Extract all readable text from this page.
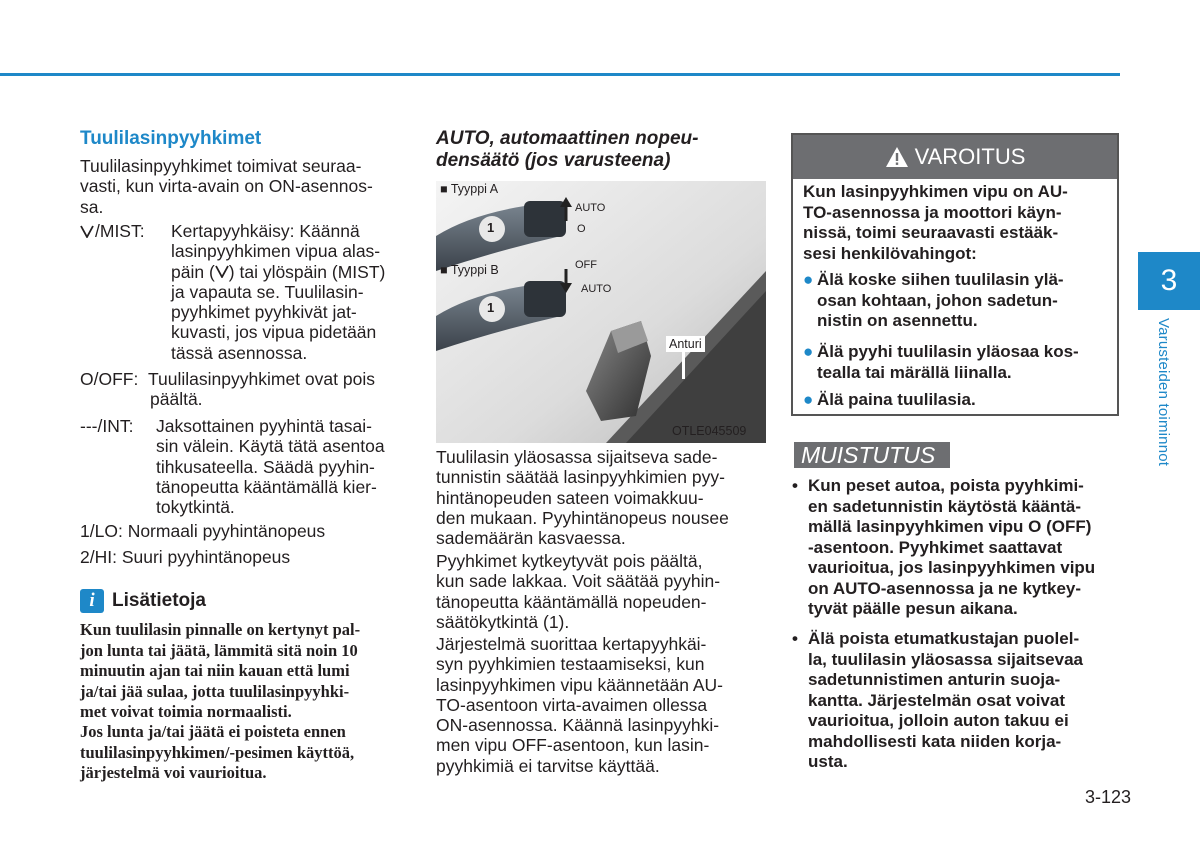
3
Varusteiden toiminnot
Tuulilasinpyyhkimet
Tuulilasinpyyhkimet toimivat seuraa-
vasti, kun virta-avain on ON-asennos-
sa.
/MIST: Kertapyyhkäisy: Käännä
lasinpyyhkimen vipua alas-
päin ( ) tai ylöspäin (MIST)
ja vapauta se. Tuulilasin-
pyyhkimet pyyhkivät jat-
kuvasti, jos vipua pidetään
tässä asennossa.
O/OFF: Tuulilasinpyyhkimet ovat pois
päältä.
---/INT: Jaksottainen pyyhintä tasai-
sin välein. Käytä tätä asentoa
tihkusateella. Säädä pyyhin-
tänopeutta kääntämällä kier-
tokytkintä.
1/LO: Normaali pyyhintänopeus
2/HI: Suuri pyyhintänopeus
i Lisätietoja
Kun tuulilasin pinnalle on kertynyt pal-
jon lunta tai jäätä, lämmitä sitä noin 10
minuutin ajan tai niin kauan että lumi
ja/tai jää sulaa, jotta tuulilasinpyyhki-
met voivat toimia normaalisti.
Jos lunta ja/tai jäätä ei poisteta ennen
tuulilasinpyyhkimen/-pesimen käyttöä,
järjestelmä voi vaurioitua.
AUTO, automaattinen nopeu-
densäätö (jos varusteena)
■ Tyyppi A
■ Tyyppi B
1
1
AUTO
O
OFF
AUTO
Anturi
OTLE045509
Tuulilasin yläosassa sijaitseva sade-
tunnistin säätää lasinpyyhkimien pyy-
hintänopeuden sateen voimakkuu-
den mukaan. Pyyhintänopeus nousee
sademäärän kasvaessa.
Pyyhkimet kytkeytyvät pois päältä,
kun sade lakkaa. Voit säätää pyyhin-
tänopeutta kääntämällä nopeuden-
säätökytkintä (1).
Järjestelmä suorittaa kertapyyhkäi-
syn pyyhkimien testaamiseksi, kun
lasinpyyhkimen vipu käännetään AU-
TO-asentoon virta-avaimen ollessa
ON-asennossa. Käännä lasinpyyhki-
men vipu OFF-asentoon, kun lasin-
pyyhkimiä ei tarvitse käyttää.
VAROITUS
Kun lasinpyyhkimen vipu on AU-
TO-asennossa ja moottori käyn-
nissä, toimi seuraavasti estääk-
sesi henkilövahingot:
● Älä koske siihen tuulilasin ylä-
osan kohtaan, johon sadetun-
nistin on asennettu.
● Älä pyyhi tuulilasin yläosaa kos-
tealla tai märällä liinalla.
● Älä paina tuulilasia.
MUISTUTUS
• Kun peset autoa, poista pyyhkimi-
en sadetunnistin käytöstä kääntä-
mällä lasinpyyhkimen vipu O (OFF)
-asentoon. Pyyhkimet saattavat
vaurioitua, jos lasinpyyhkimen vipu
on AUTO-asennossa ja ne kytkey-
tyvät päälle pesun aikana.
• Älä poista etumatkustajan puolel-
la, tuulilasin yläosassa sijaitsevaa
sadetunnistimen anturin suoja-
kantta. Järjestelmän osat voivat
vaurioitua, jolloin auton takuu ei
mahdollisesti kata niiden korja-
usta.
3-123
